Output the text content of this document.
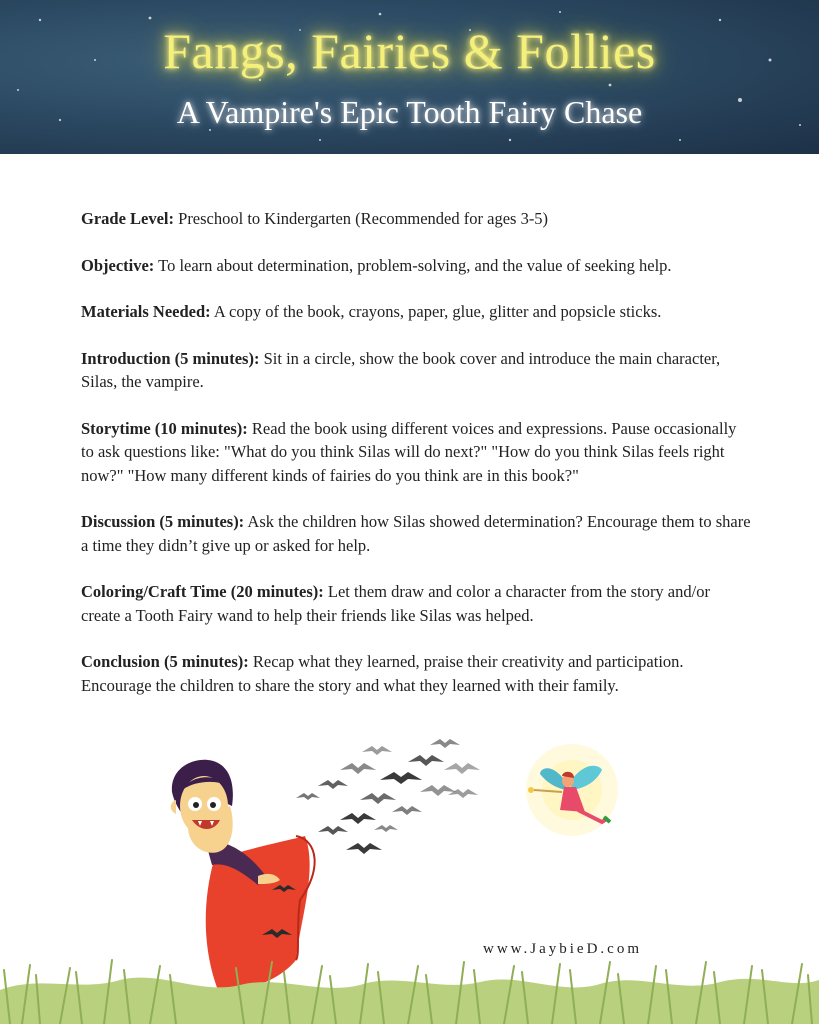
Fangs, Fairies & Follies
A Vampire's Epic Tooth Fairy Chase

Grade Level: Preschool to Kindergarten (Recommended for ages 3-5)

Objective: To learn about determination, problem-solving, and the value of seeking help.

Materials Needed: A copy of the book, crayons, paper, glue, glitter and popsicle sticks.

Introduction (5 minutes): Sit in a circle, show the book cover and introduce the main character, Silas, the vampire.

Storytime (10 minutes): Read the book using different voices and expressions. Pause occasionally to ask questions like: "What do you think Silas will do next?" "How do you think Silas feels right now?" "How many different kinds of fairies do you think are in this book?"

Discussion (5 minutes): Ask the children how Silas showed determination? Encourage them to share a time they didn’t give up or asked for help.

Coloring/Craft Time (20 minutes): Let them draw and color a character from the story and/or create a Tooth Fairy wand to help their friends like Silas was helped.

Conclusion (5 minutes): Recap what they learned, praise their creativity and participation. Encourage the children to share the story and what they learned with their family.

www.JaybieD.com
